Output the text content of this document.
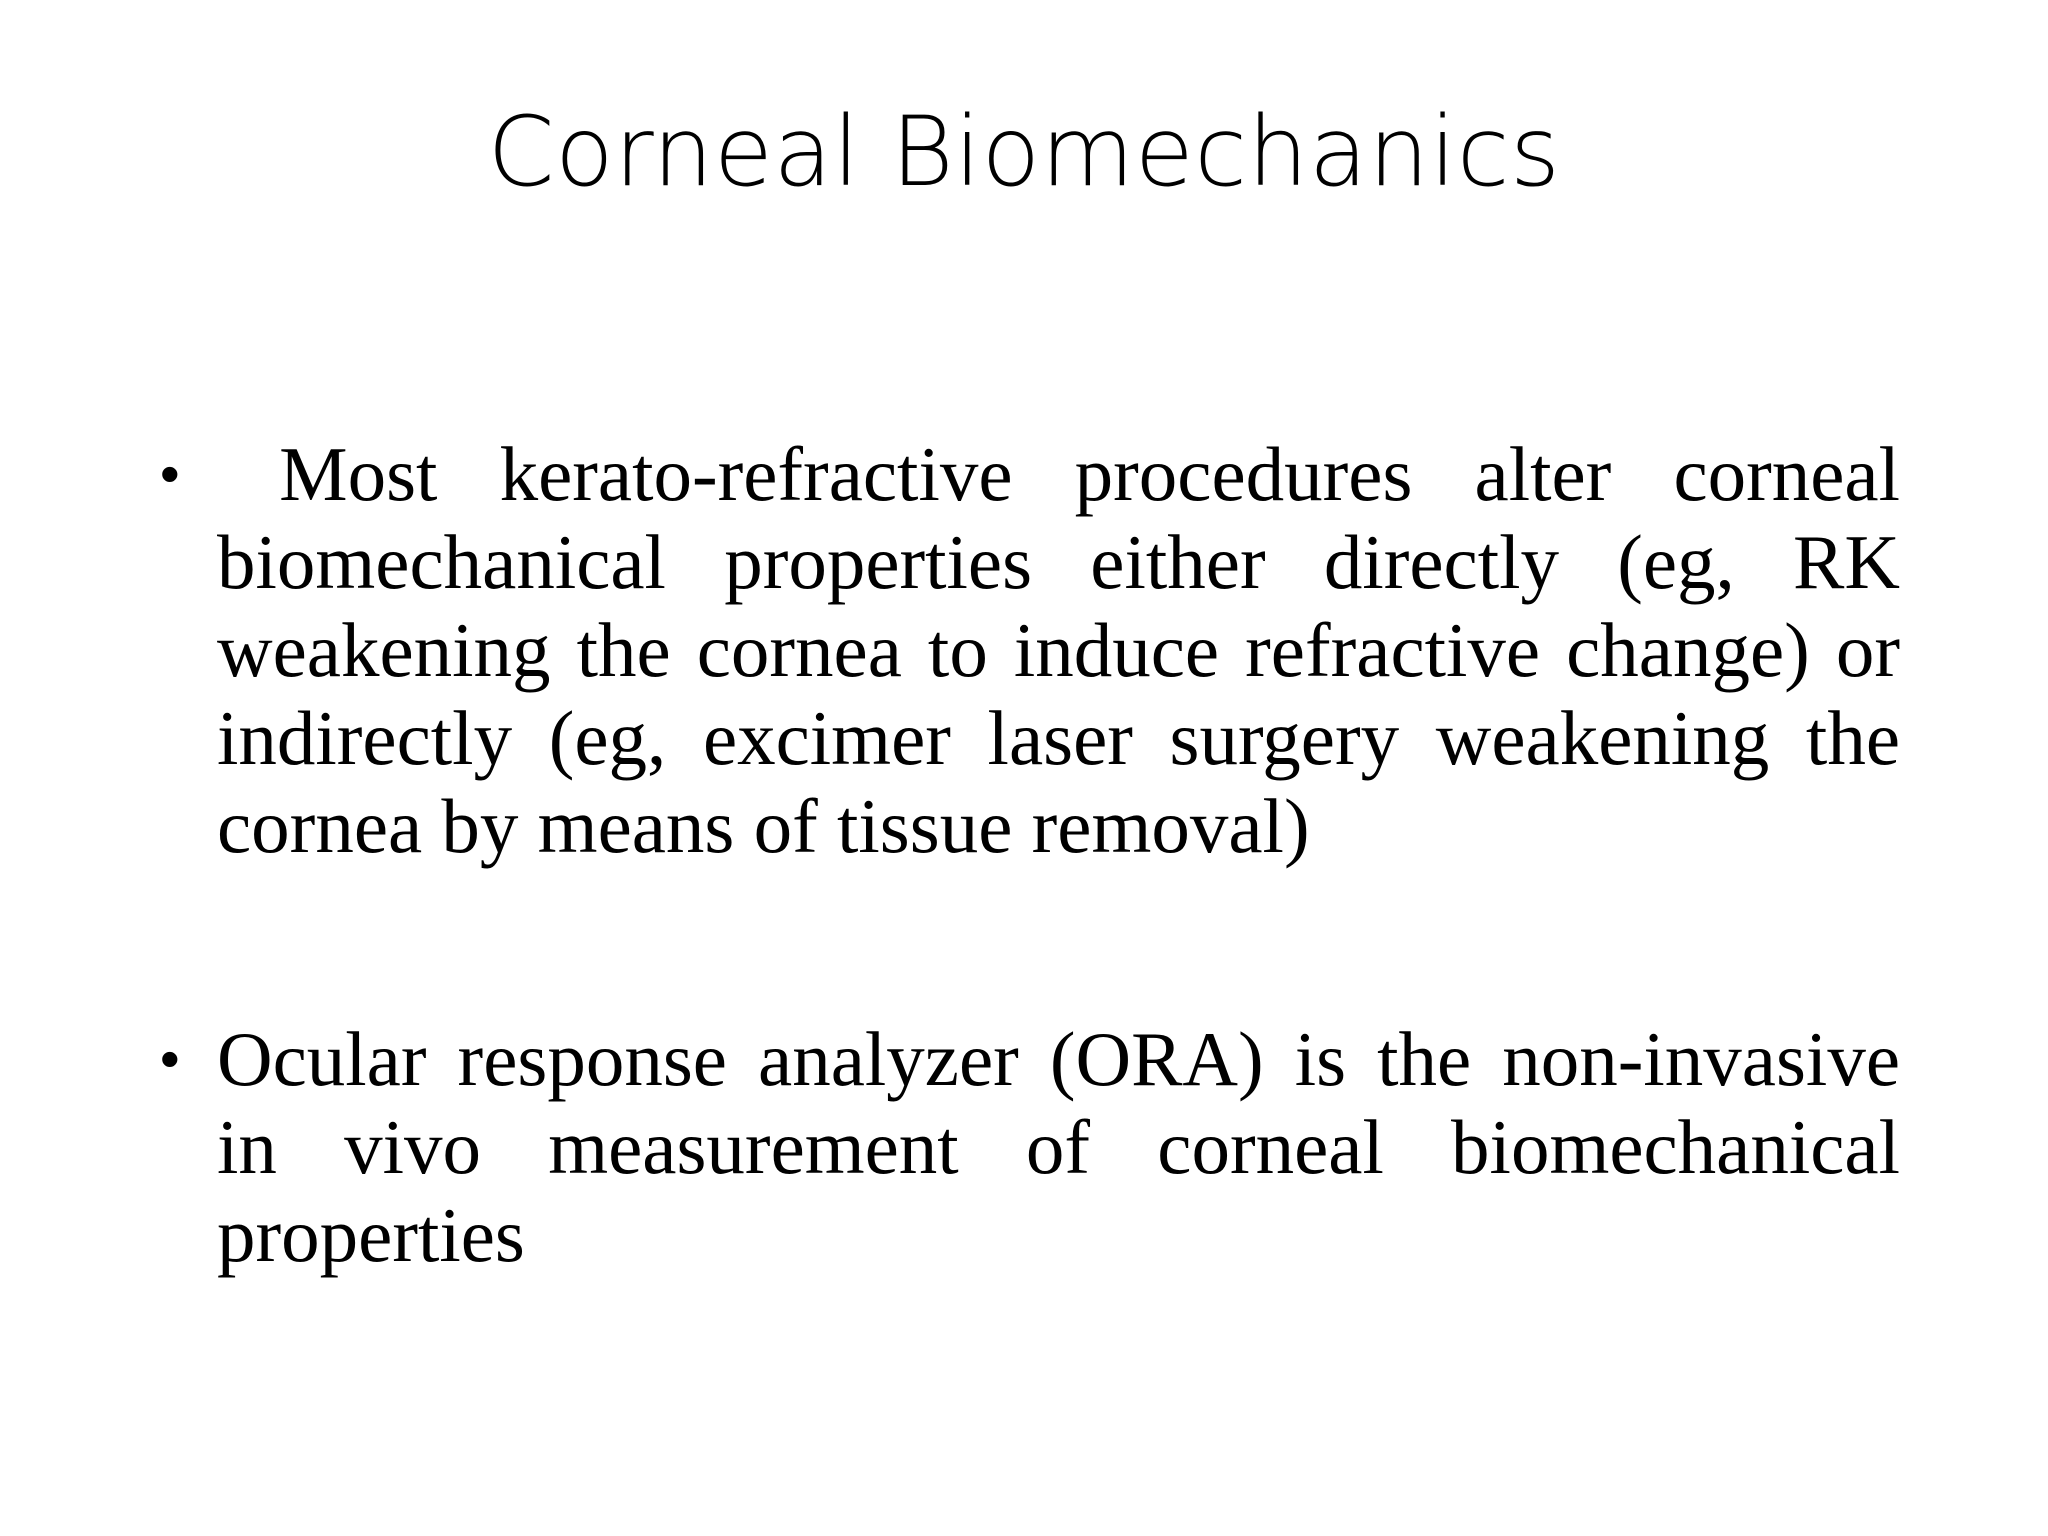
Corneal Biomechanics
• Most kerato-refractive procedures alter corneal biomechanical properties either directly (eg, RK weakening the cornea to induce refractive change) or indirectly (eg, excimer laser surgery weakening the cornea by means of tissue removal)
• Ocular response analyzer (ORA) is the non-invasive in vivo measurement of corneal biomechanical properties
